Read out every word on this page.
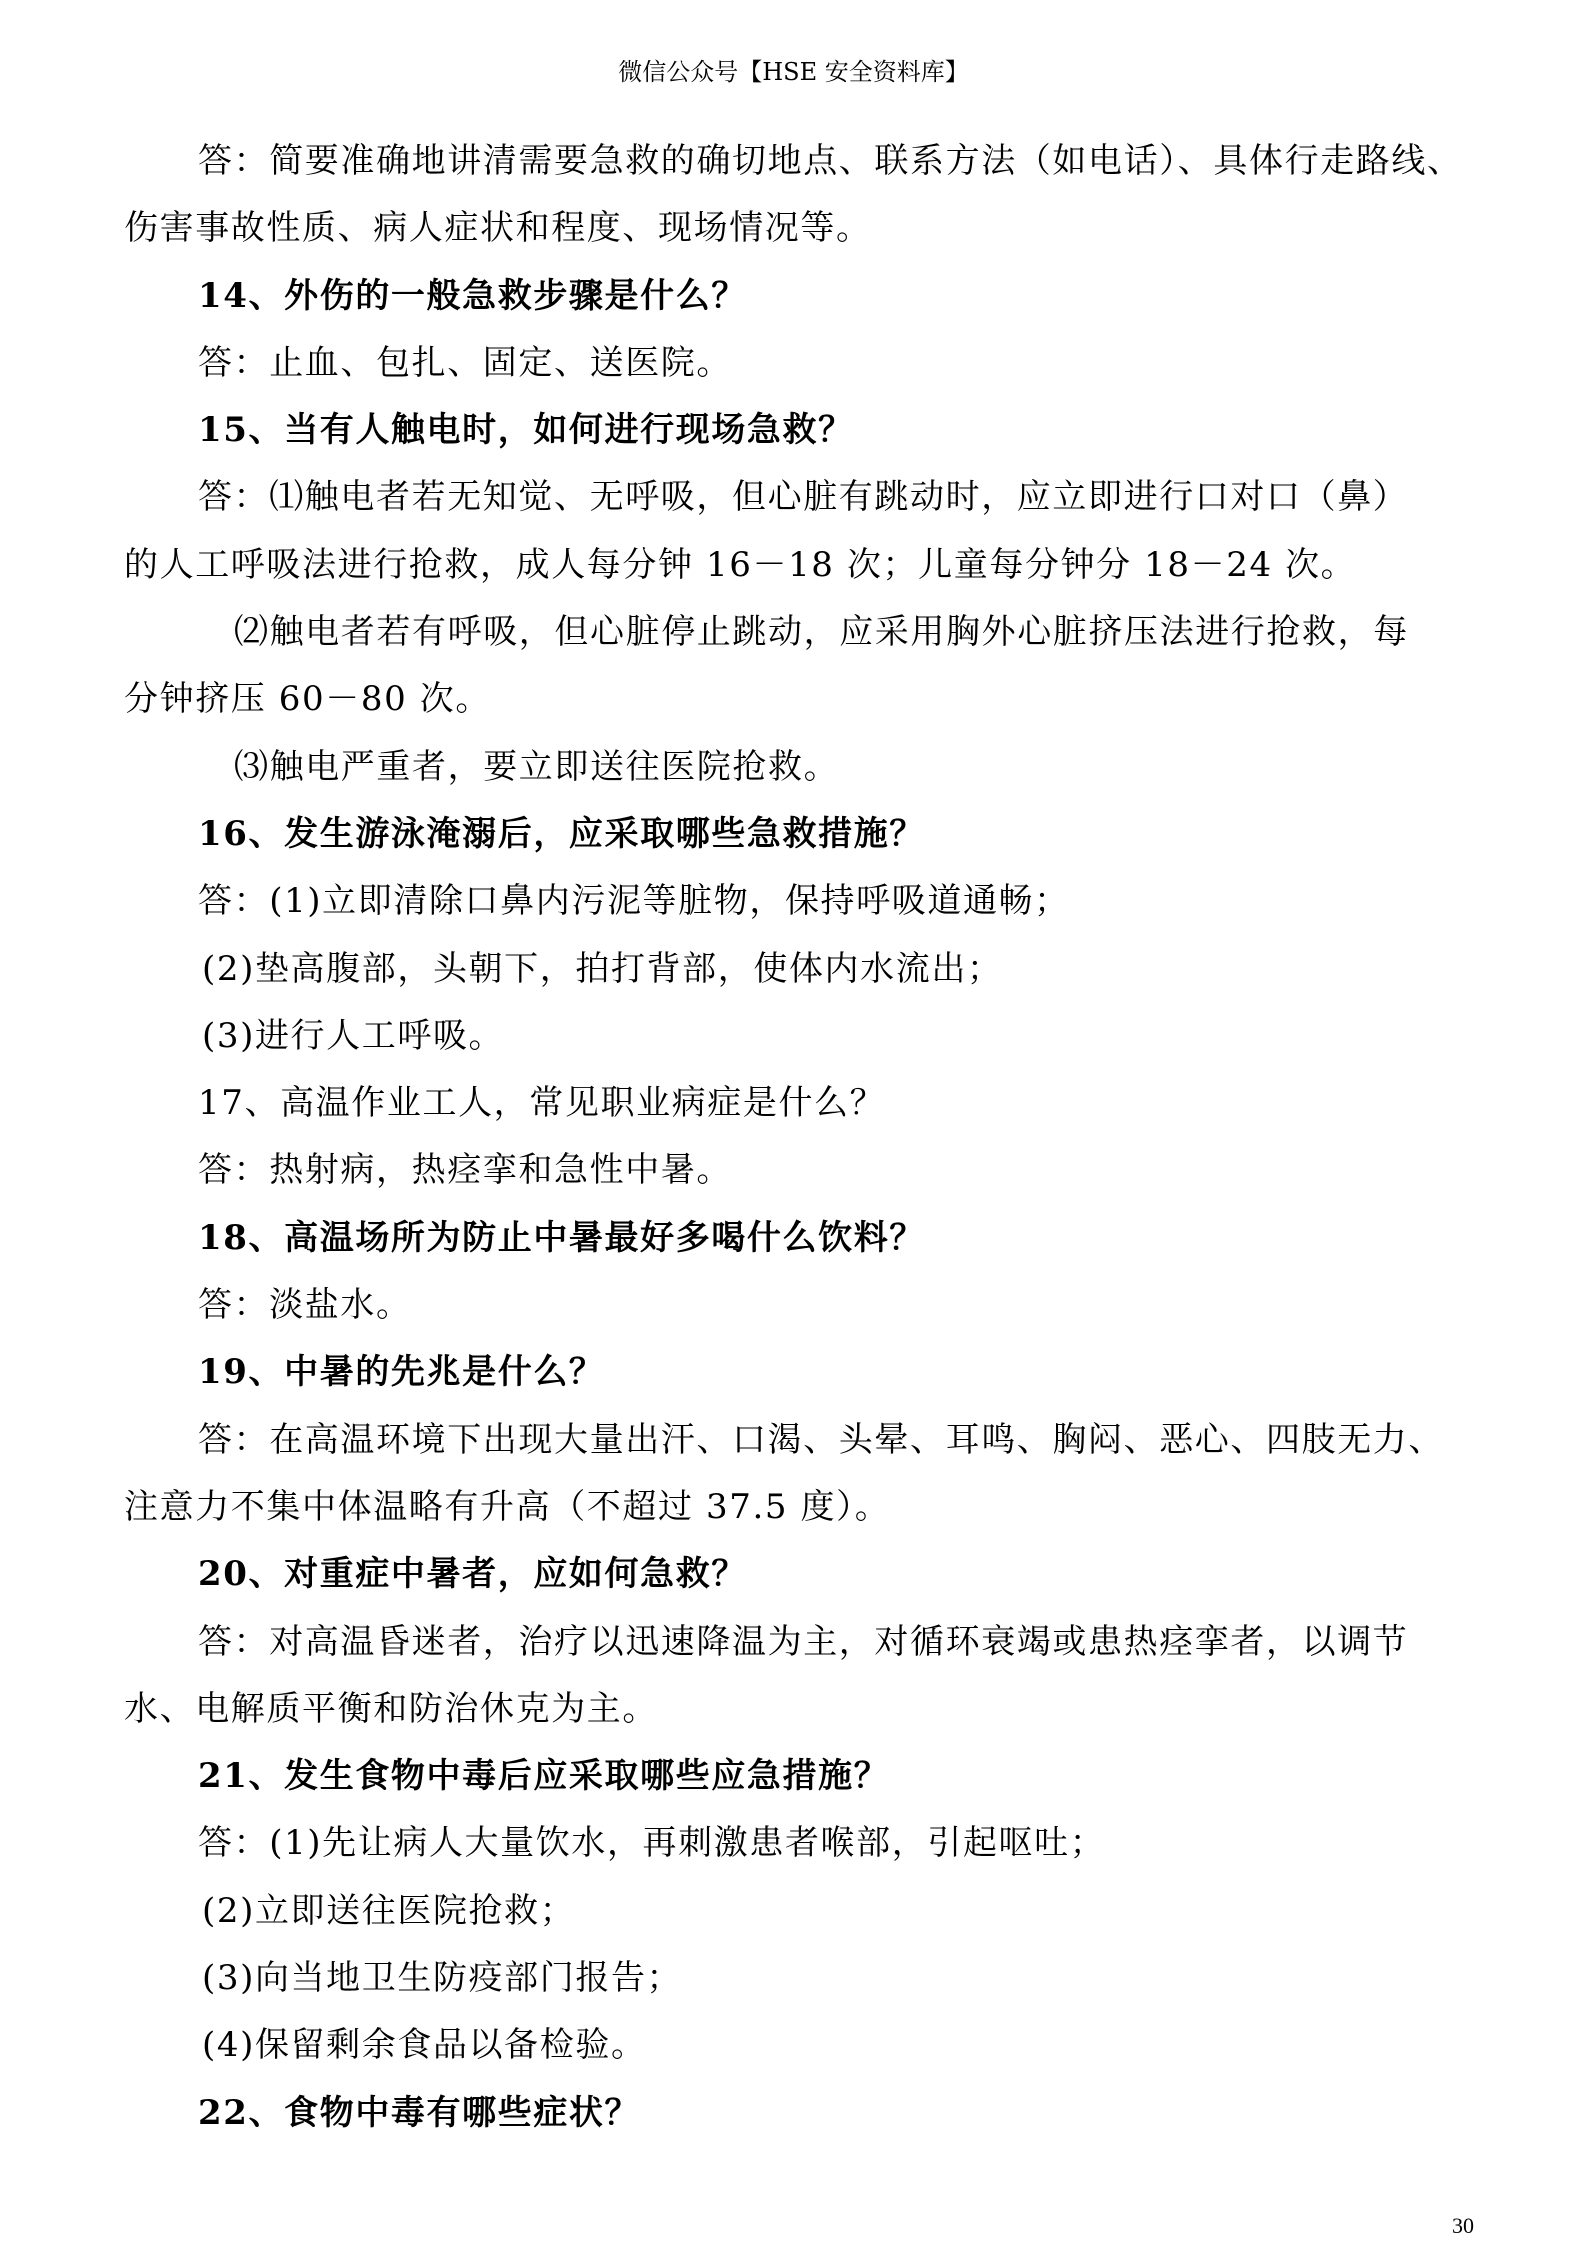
微信公众号【HSE 安全资料库】
答：简要准确地讲清需要急救的确切地点、联系方法（如电话）、具体行走路线、
伤害事故性质、病人症状和程度、现场情况等。
14、外伤的一般急救步骤是什么？
答：止血、包扎、固定、送医院。
15、当有人触电时，如何进行现场急救？
答：⑴触电者若无知觉、无呼吸，但心脏有跳动时，应立即进行口对口（鼻）
的人工呼吸法进行抢救，成人每分钟 16－18 次；儿童每分钟分 18－24 次。
⑵触电者若有呼吸，但心脏停止跳动，应采用胸外心脏挤压法进行抢救，每
分钟挤压 60－80 次。
⑶触电严重者，要立即送往医院抢救。
16、发生游泳淹溺后，应采取哪些急救措施？
答：(1)立即清除口鼻内污泥等脏物，保持呼吸道通畅；
(2)垫高腹部，头朝下，拍打背部，使体内水流出；
(3)进行人工呼吸。
17、高温作业工人，常见职业病症是什么？
答：热射病，热痉挛和急性中暑。
18、高温场所为防止中暑最好多喝什么饮料？
答：淡盐水。
19、中暑的先兆是什么？
答：在高温环境下出现大量出汗、口渴、头晕、耳鸣、胸闷、恶心、四肢无力、
注意力不集中体温略有升高（不超过 37.5 度）。
20、对重症中暑者，应如何急救？
答：对高温昏迷者，治疗以迅速降温为主，对循环衰竭或患热痉挛者，以调节
水、电解质平衡和防治休克为主。
21、发生食物中毒后应采取哪些应急措施？
答：(1)先让病人大量饮水，再刺激患者喉部，引起呕吐；
(2)立即送往医院抢救；
(3)向当地卫生防疫部门报告；
(4)保留剩余食品以备检验。
22、食物中毒有哪些症状？
30
